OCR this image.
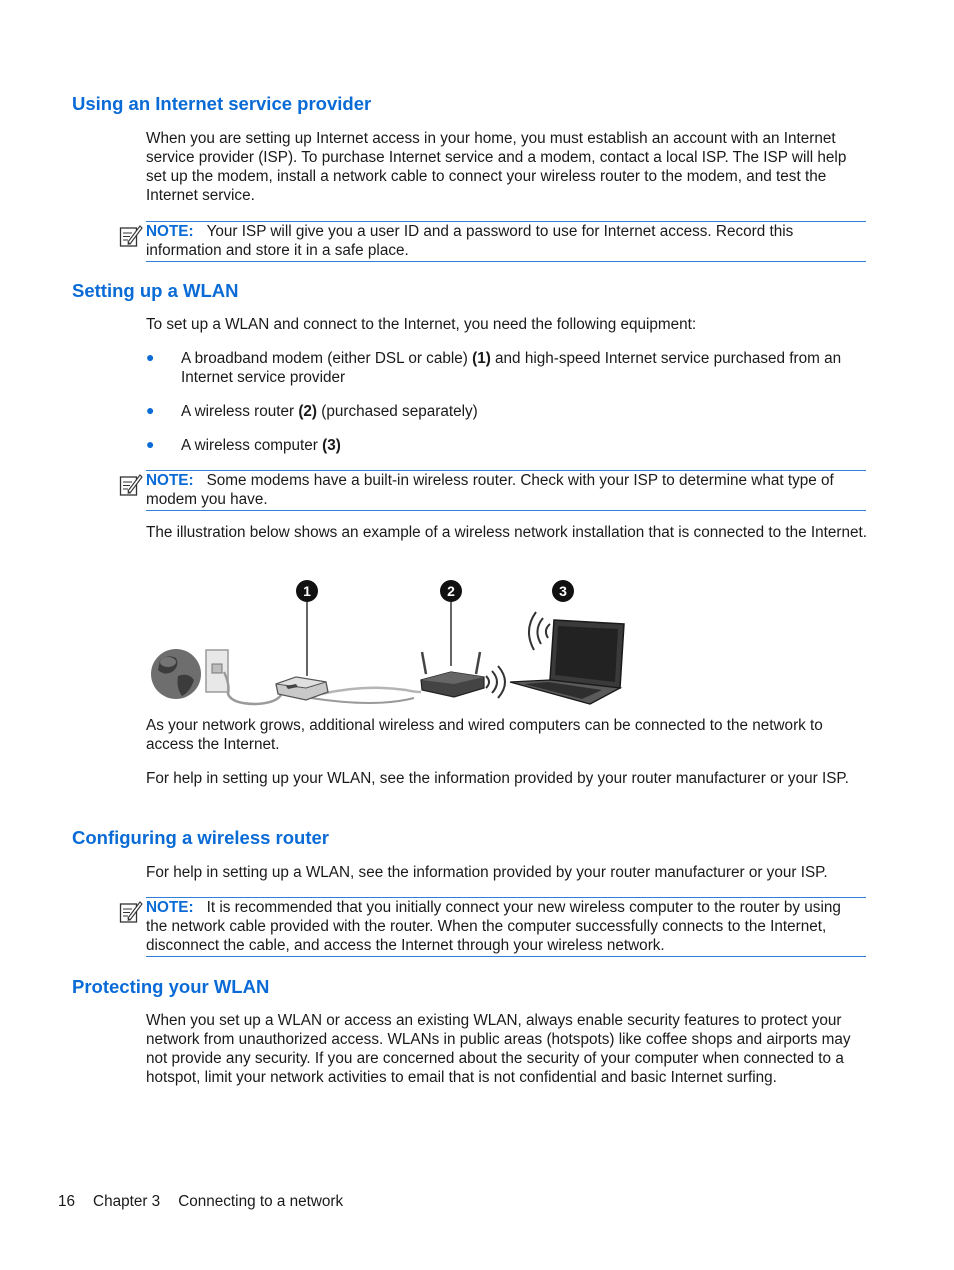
Using an Internet service provider

When you are setting up Internet access in your home, you must establish an account with an Internet service provider (ISP). To purchase Internet service and a modem, contact a local ISP. The ISP will help set up the modem, install a network cable to connect your wireless router to the modem, and test the Internet service.

NOTE: Your ISP will give you a user ID and a password to use for Internet access. Record this information and store it in a safe place.
Setting up a WLAN

To set up a WLAN and connect to the Internet, you need the following equipment:

● A broadband modem (either DSL or cable) (1) and high-speed Internet service purchased from an Internet service provider
● A wireless router (2) (purchased separately)
● A wireless computer (3)
NOTE: Some modems have a built-in wireless router. Check with your ISP to determine what type of modem you have.

The illustration below shows an example of a wireless network installation that is connected to the Internet.

1	2	3

As your network grows, additional wireless and wired computers can be connected to the network to access the Internet.

For help in setting up your WLAN, see the information provided by your router manufacturer or your ISP.

Configuring a wireless router

For help in setting up a WLAN, see the information provided by your router manufacturer or your ISP.

NOTE: It is recommended that you initially connect your new wireless computer to the router by using the network cable provided with the router. When the computer successfully connects to the Internet, disconnect the cable, and access the Internet through your wireless network.
Protecting your WLAN

When you set up a WLAN or access an existing WLAN, always enable security features to protect your network from unauthorized access. WLANs in public areas (hotspots) like coffee shops and airports may not provide any security. If you are concerned about the security of your computer when connected to a hotspot, limit your network activities to email that is not confidential and basic Internet surfing.

16 Chapter 3 Connecting to a network
